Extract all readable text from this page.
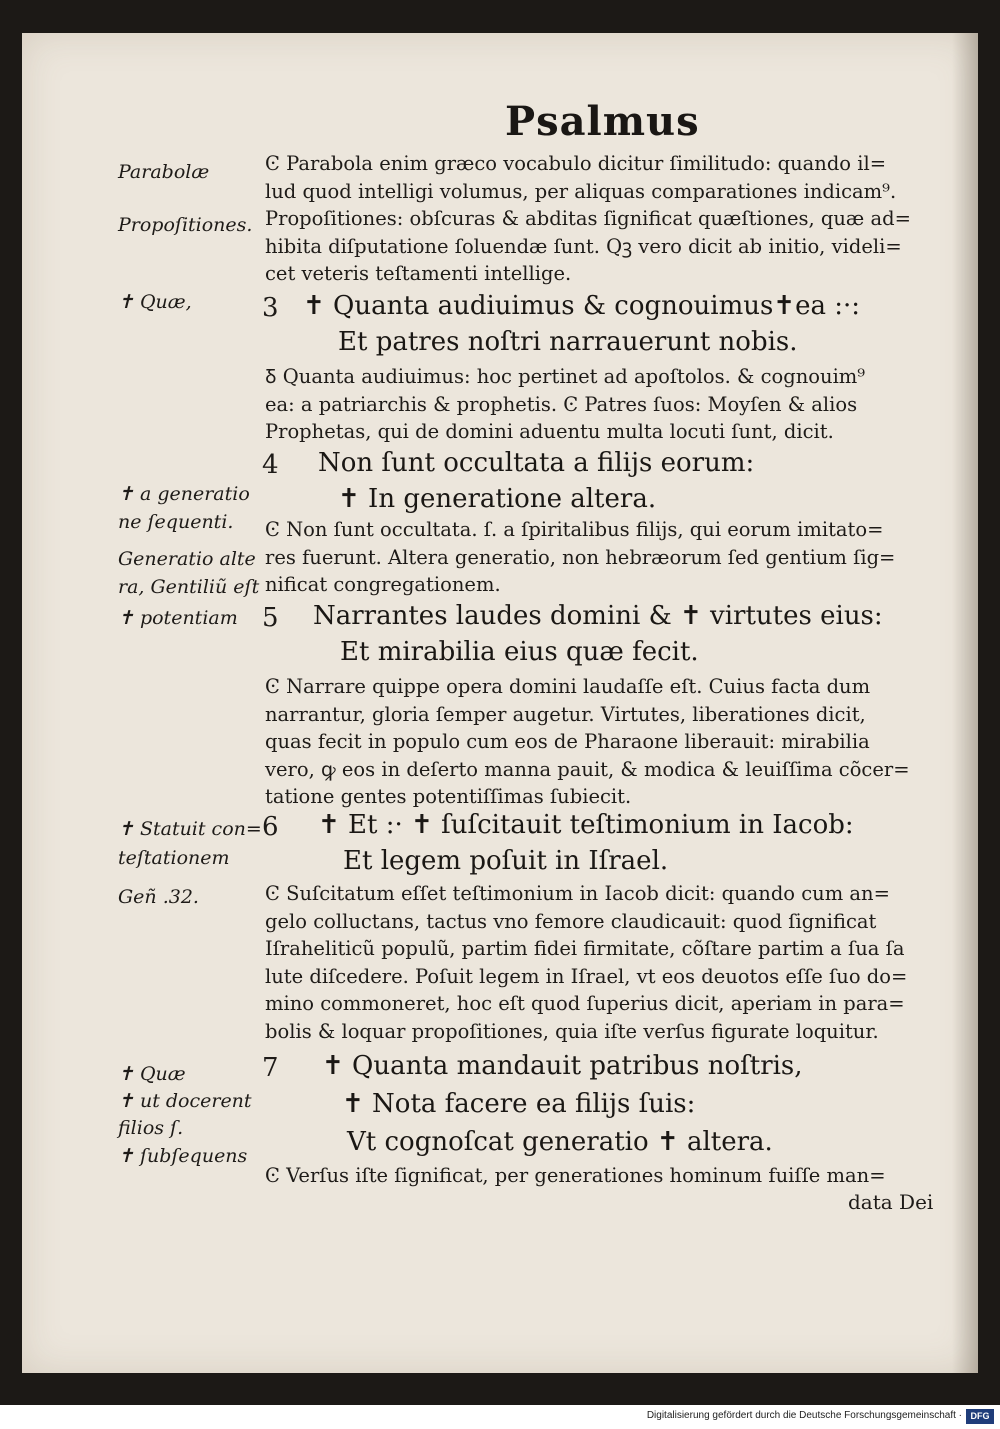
Psalmus
Parabolæ
Propoſitiones.
✝ Quæ,
✝ a generatio
ne ſequenti.
Generatio alte
ra, Gentiliũ eſt
✝ potentiam
✝ Statuit con=
teſtationem
Geñ .32.
✝ Quæ
✝ ut docerent
filios ſ.
✝ ſubſequens
Ͼ Parabola enim græco vocabulo dicitur ſimilitudo: quando il=
lud quod intelligi volumus, per aliquas comparationes indicam⁹.
Propoſitiones: obſcuras & abditas ſignificat quæſtiones, quæ ad=
hibita diſputatione ſoluendæ ſunt. Qꝫ vero dicit ab initio, videli=
cet veteris teſtamenti intellige.
3 ✝ Quanta audiuimus & cognouimus✝ea :·:
Et patres noſtri narrauerunt nobis.
Ᵹ Quanta audiuimus: hoc pertinet ad apoſtolos. & cognouim⁹
ea: a patriarchis & prophetis. Ͼ Patres ſuos: Moyſen & alios
Prophetas, qui de domini aduentu multa locuti ſunt, dicit.
4 Non ſunt occultata a filijs eorum:
✝ In generatione altera.
Ͼ Non ſunt occultata. ſ. a ſpiritalibus filijs, qui eorum imitato=
res fuerunt. Altera generatio, non hebræorum ſed gentium ſig=
nificat congregationem.
5 Narrantes laudes domini & ✝ virtutes eius:
Et mirabilia eius quæ fecit.
Ͼ Narrare quippe opera domini laudaſſe eſt. Cuius facta dum
narrantur, gloria ſemper augetur. Virtutes, liberationes dicit,
quas fecit in populo cum eos de Pharaone liberauit: mirabilia
vero, ꝙ eos in deſerto manna pauit, & modica & leuiſſima cõcer=
tatione gentes potentiſſimas ſubiecit.
6 ✝ Et :· ✝ ſuſcitauit teſtimonium in Iacob:
Et legem poſuit in Iſrael.
Ͼ Suſcitatum eſſet teſtimonium in Iacob dicit: quando cum an=
gelo colluctans, tactus vno femore claudicauit: quod ſignificat
Iſraheliticũ populũ, partim fidei firmitate, cõſtare partim a ſua ſa
lute diſcedere. Poſuit legem in Iſrael, vt eos deuotos eſſe ſuo do=
mino commoneret, hoc eſt quod ſuperius dicit, aperiam in para=
bolis & loquar propoſitiones, quia iſte verſus figurate loquitur.
7 ✝ Quanta mandauit patribus noſtris,
✝ Nota facere ea filijs ſuis:
Vt cognoſcat generatio ✝ altera.
Ͼ Verſus iſte ſignificat, per generationes hominum fuiſſe man=
data Dei
Digitalisierung gefördert durch die Deutsche Forschungsgemeinschaft · DFG
